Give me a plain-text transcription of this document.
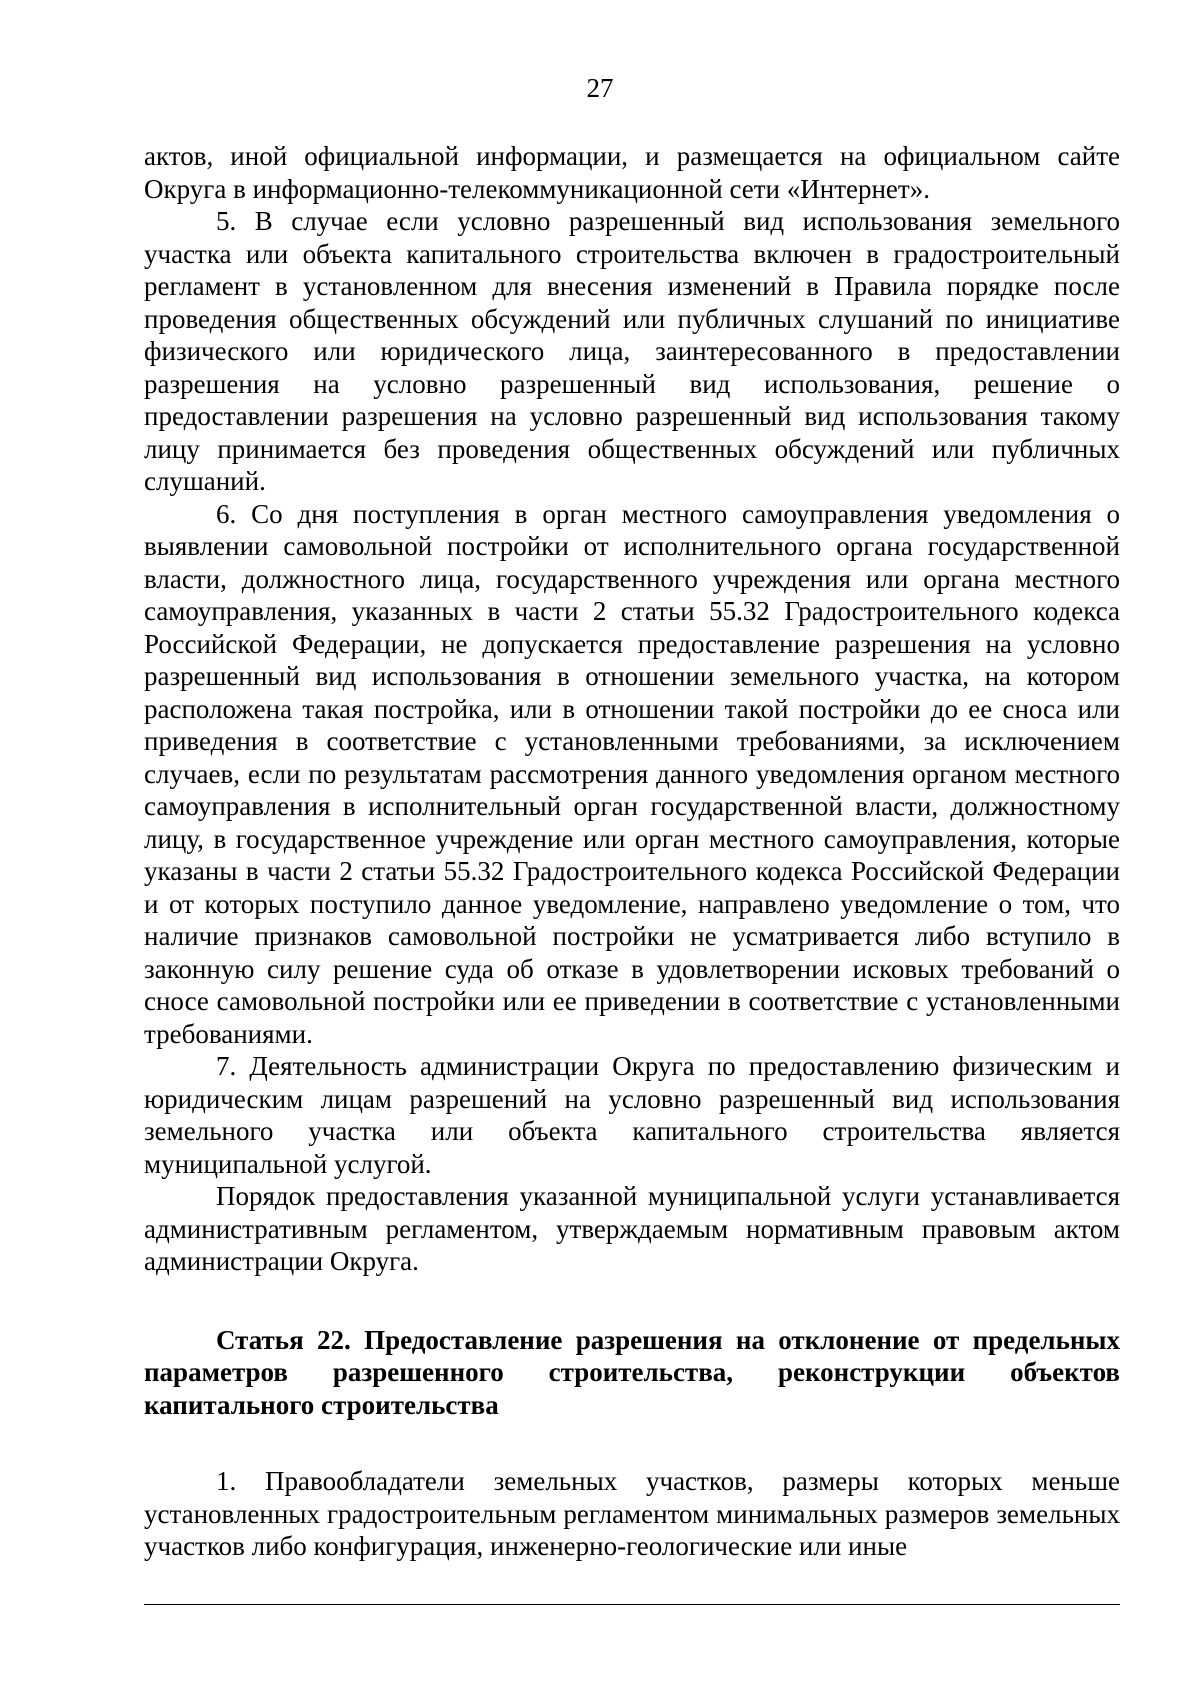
27

актов, иной официальной информации, и размещается на официальном сайте Округа в информационно-телекоммуникационной сети «Интернет».

5. В случае если условно разрешенный вид использования земельного участка или объекта капитального строительства включен в градостроительный регламент в установленном для внесения изменений в Правила порядке после проведения общественных обсуждений или публичных слушаний по инициативе физического или юридического лица, заинтересованного в предоставлении разрешения на условно разрешенный вид использования, решение о предоставлении разрешения на условно разрешенный вид использования такому лицу принимается без проведения общественных обсуждений или публичных слушаний.

6. Со дня поступления в орган местного самоуправления уведомления о выявлении самовольной постройки от исполнительного органа государственной власти, должностного лица, государственного учреждения или органа местного самоуправления, указанных в части 2 статьи 55.32 Градостроительного кодекса Российской Федерации, не допускается предоставление разрешения на условно разрешенный вид использования в отношении земельного участка, на котором расположена такая постройка, или в отношении такой постройки до ее сноса или приведения в соответствие с установленными требованиями, за исключением случаев, если по результатам рассмотрения данного уведомления органом местного самоуправления в исполнительный орган государственной власти, должностному лицу, в государственное учреждение или орган местного самоуправления, которые указаны в части 2 статьи 55.32 Градостроительного кодекса Российской Федерации и от которых поступило данное уведомление, направлено уведомление о том, что наличие признаков самовольной постройки не усматривается либо вступило в законную силу решение суда об отказе в удовлетворении исковых требований о сносе самовольной постройки или ее приведении в соответствие с установленными требованиями.

7. Деятельность администрации Округа по предоставлению физическим и юридическим лицам разрешений на условно разрешенный вид использования земельного участка или объекта капитального строительства является муниципальной услугой.

Порядок предоставления указанной муниципальной услуги устанавливается административным регламентом, утверждаемым нормативным правовым актом администрации Округа.

Статья 22. Предоставление разрешения на отклонение от предельных параметров разрешенного строительства, реконструкции объектов капитального строительства

1. Правообладатели земельных участков, размеры которых меньше установленных градостроительным регламентом минимальных размеров земельных участков либо конфигурация, инженерно-геологические или иные
